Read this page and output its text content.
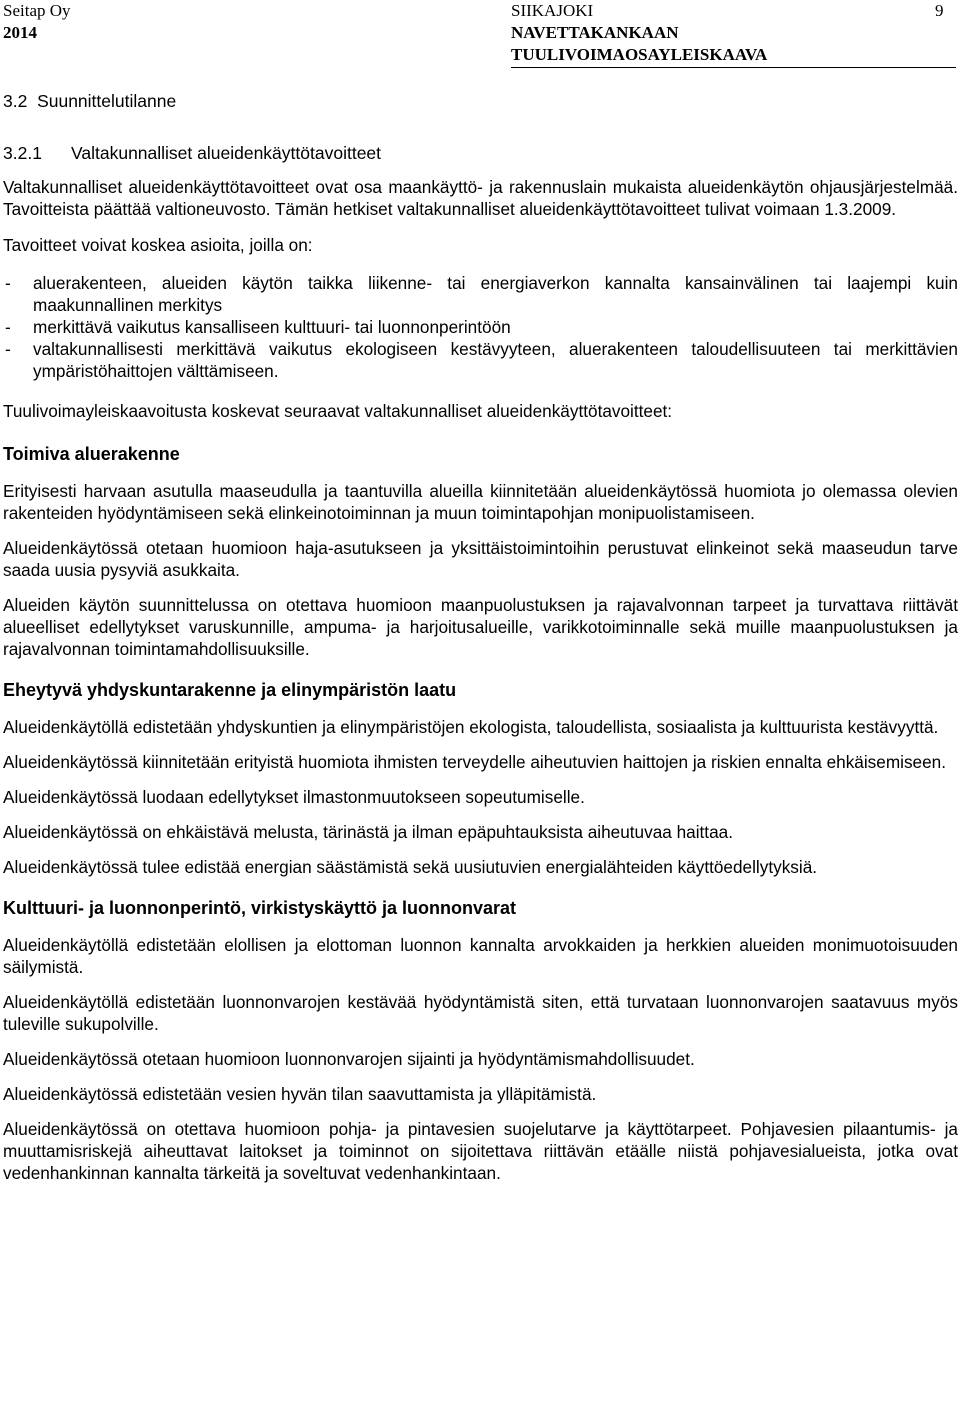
Seitap Oy
2014
SIIKAJOKI
NAVETTAKANKAAN
TUULIVOIMAOSAYLEISKAAVA
9
3.2 Suunnittelutilanne
3.2.1 Valtakunnalliset alueidenkäyttötavoitteet

Valtakunnalliset alueidenkäyttötavoitteet ovat osa maankäyttö- ja rakennuslain mukaista alueidenkäytön ohjausjärjestelmää. Tavoitteista päättää valtioneuvosto. Tämän hetkiset valtakunnalliset alueidenkäyttötavoitteet tulivat voimaan 1.3.2009.

Tavoitteet voivat koskea asioita, joilla on:

- aluerakenteen, alueiden käytön taikka liikenne- tai energiaverkon kannalta kansainvälinen tai laajempi kuin maakunnallinen merkitys
- merkittävä vaikutus kansalliseen kulttuuri- tai luonnonperintöön
- valtakunnallisesti merkittävä vaikutus ekologiseen kestävyyteen, aluerakenteen taloudellisuuteen tai merkittävien ympäristöhaittojen välttämiseen.

Tuulivoimayleiskaavoitusta koskevat seuraavat valtakunnalliset alueidenkäyttötavoitteet:

Toimiva aluerakenne

Erityisesti harvaan asutulla maaseudulla ja taantuvilla alueilla kiinnitetään alueidenkäytössä huomiota jo olemassa olevien rakenteiden hyödyntämiseen sekä elinkeinotoiminnan ja muun toimintapohjan monipuolistamiseen.

Alueidenkäytössä otetaan huomioon haja-asutukseen ja yksittäistoimintoihin perustuvat elinkeinot sekä maaseudun tarve saada uusia pysyviä asukkaita.

Alueiden käytön suunnittelussa on otettava huomioon maanpuolustuksen ja rajavalvonnan tarpeet ja turvattava riittävät alueelliset edellytykset varuskunnille, ampuma- ja harjoitusalueille, varikkotoiminnalle sekä muille maanpuolustuksen ja rajavalvonnan toimintamahdollisuuksille.

Eheytyvä yhdyskuntarakenne ja elinympäristön laatu

Alueidenkäytöllä edistetään yhdyskuntien ja elinympäristöjen ekologista, taloudellista, sosiaalista ja kulttuurista kestävyyttä.

Alueidenkäytössä kiinnitetään erityistä huomiota ihmisten terveydelle aiheutuvien haittojen ja riskien ennalta ehkäisemiseen.

Alueidenkäytössä luodaan edellytykset ilmastonmuutokseen sopeutumiselle.

Alueidenkäytössä on ehkäistävä melusta, tärinästä ja ilman epäpuhtauksista aiheutuvaa haittaa.

Alueidenkäytössä tulee edistää energian säästämistä sekä uusiutuvien energialähteiden käyttöedellytyksiä.

Kulttuuri- ja luonnonperintö, virkistyskäyttö ja luonnonvarat

Alueidenkäytöllä edistetään elollisen ja elottoman luonnon kannalta arvokkaiden ja herkkien alueiden monimuotoisuuden säilymistä.

Alueidenkäytöllä edistetään luonnonvarojen kestävää hyödyntämistä siten, että turvataan luonnonvarojen saatavuus myös tuleville sukupolville.

Alueidenkäytössä otetaan huomioon luonnonvarojen sijainti ja hyödyntämismahdollisuudet.

Alueidenkäytössä edistetään vesien hyvän tilan saavuttamista ja ylläpitämistä.

Alueidenkäytössä on otettava huomioon pohja- ja pintavesien suojelutarve ja käyttötarpeet. Pohjavesien pilaantumis- ja muuttamisriskejä aiheuttavat laitokset ja toiminnot on sijoitettava riittävän etäälle niistä pohjavesialueista, jotka ovat vedenhankinnan kannalta tärkeitä ja soveltuvat vedenhankintaan.
